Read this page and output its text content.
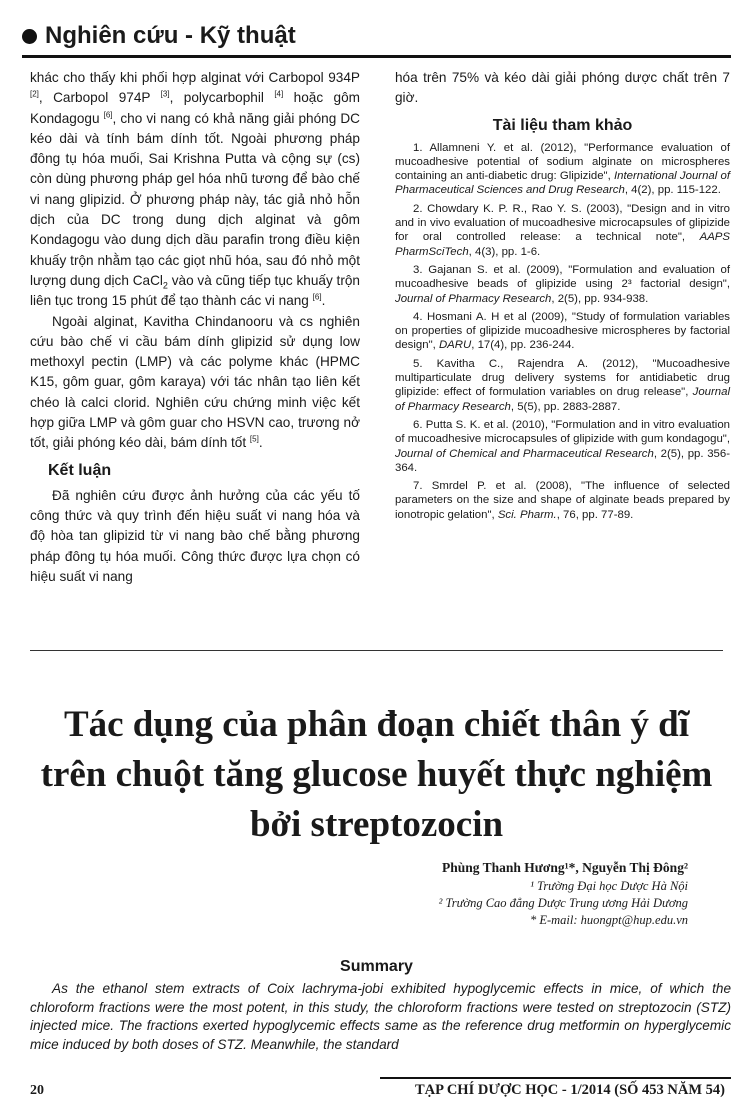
Nghiên cứu - Kỹ thuật

khác cho thấy khi phối hợp alginat với Carbopol 934P [2], Carbopol 974P [3], polycarbophil [4] hoặc gôm Kondagogu [6], cho vi nang có khả năng giải phóng DC kéo dài và tính bám dính tốt. Ngoài phương pháp đông tụ hóa muối, Sai Krishna Putta và cộng sự (cs) còn dùng phương pháp gel hóa nhũ tương để bào chế vi nang glipizid. Ở phương pháp này, tác giả nhỏ hỗn dịch của DC trong dung dịch alginat và gôm Kondagogu vào dung dịch dầu parafin trong điều kiện khuấy trộn nhằm tạo các giọt nhũ hóa, sau đó nhỏ một lượng dung dịch CaCl$_2$ vào và cũng tiếp tục khuấy trộn liên tục trong 15 phút để tạo thành các vi nang [6].

Ngoài alginat, Kavitha Chindanooru và cs nghiên cứu bào chế vi cầu bám dính glipizid sử dụng low methoxyl pectin (LMP) và các polyme khác (HPMC K15, gôm guar, gôm karaya) với tác nhân tạo liên kết chéo là calci clorid. Nghiên cứu chứng minh việc kết hợp giữa LMP và gôm guar cho HSVN cao, trương nở tốt, giải phóng kéo dài, bám dính tốt [5].

Kết luận

Đã nghiên cứu được ảnh hưởng của các yếu tố công thức và quy trình đến hiệu suất vi nang hóa và độ hòa tan glipizid từ vi nang bào chế bằng phương pháp đông tụ hóa muối. Công thức được lựa chọn có hiệu suất vi nang

hóa trên 75% và kéo dài giải phóng dược chất trên 7 giờ.

Tài liệu tham khảo

1. Allamneni Y. et al. (2012), "Performance evaluation of mucoadhesive potential of sodium alginate on microspheres containing an anti-diabetic drug: Glipizide", International Journal of Pharmaceutical Sciences and Drug Research, 4(2), pp. 115-122.

2. Chowdary K. P. R., Rao Y. S. (2003), "Design and in vitro and in vivo evaluation of mucoadhesive microcapsules of glipizide for oral controlled release: a technical note", AAPS PharmSciTech, 4(3), pp. 1-6.

3. Gajanan S. et al. (2009), "Formulation and evaluation of mucoadhesive beads of glipizide using 2³ factorial design", Journal of Pharmacy Research, 2(5), pp. 934-938.

4. Hosmani A. H et al (2009), "Study of formulation variables on properties of glipizide mucoadhesive microspheres by factorial design", DARU, 17(4), pp. 236-244.

5. Kavitha C., Rajendra A. (2012), "Mucoadhesive multiparticulate drug delivery systems for antidiabetic drug glipizide: effect of formulation variables on drug release", Journal of Pharmacy Research, 5(5), pp. 2883-2887.

6. Putta S. K. et al. (2010), "Formulation and in vitro evaluation of mucoadhesive microcapsules of glipizide with gum kondagogu", Journal of Chemical and Pharmaceutical Research, 2(5), pp. 356-364.

7. Smrdel P. et al. (2008), "The influence of selected parameters on the size and shape of alginate beads prepared by ionotropic gelation", Sci. Pharm., 76, pp. 77-89.

Tác dụng của phân đoạn chiết thân ý dĩ
trên chuột tăng glucose huyết thực nghiệm
bởi streptozocin
Phùng Thanh Hương¹*, Nguyễn Thị Đông²
¹ Trường Đại học Dược Hà Nội
² Trường Cao đẳng Dược Trung ương Hải Dương
* E-mail: huongpt@hup.edu.vn
Summary

As the ethanol stem extracts of Coix lachryma-jobi exhibited hypoglycemic effects in mice, of which the chloroform fractions were the most potent, in this study, the chloroform fractions were tested on streptozocin (STZ) injected mice. The fractions exerted hypoglycemic effects same as the reference drug metformin on hyperglycemic mice induced by both doses of STZ. Meanwhile, the standard

20	TẠP CHÍ DƯỢC HỌC - 1/2014 (SỐ 453 NĂM 54)
